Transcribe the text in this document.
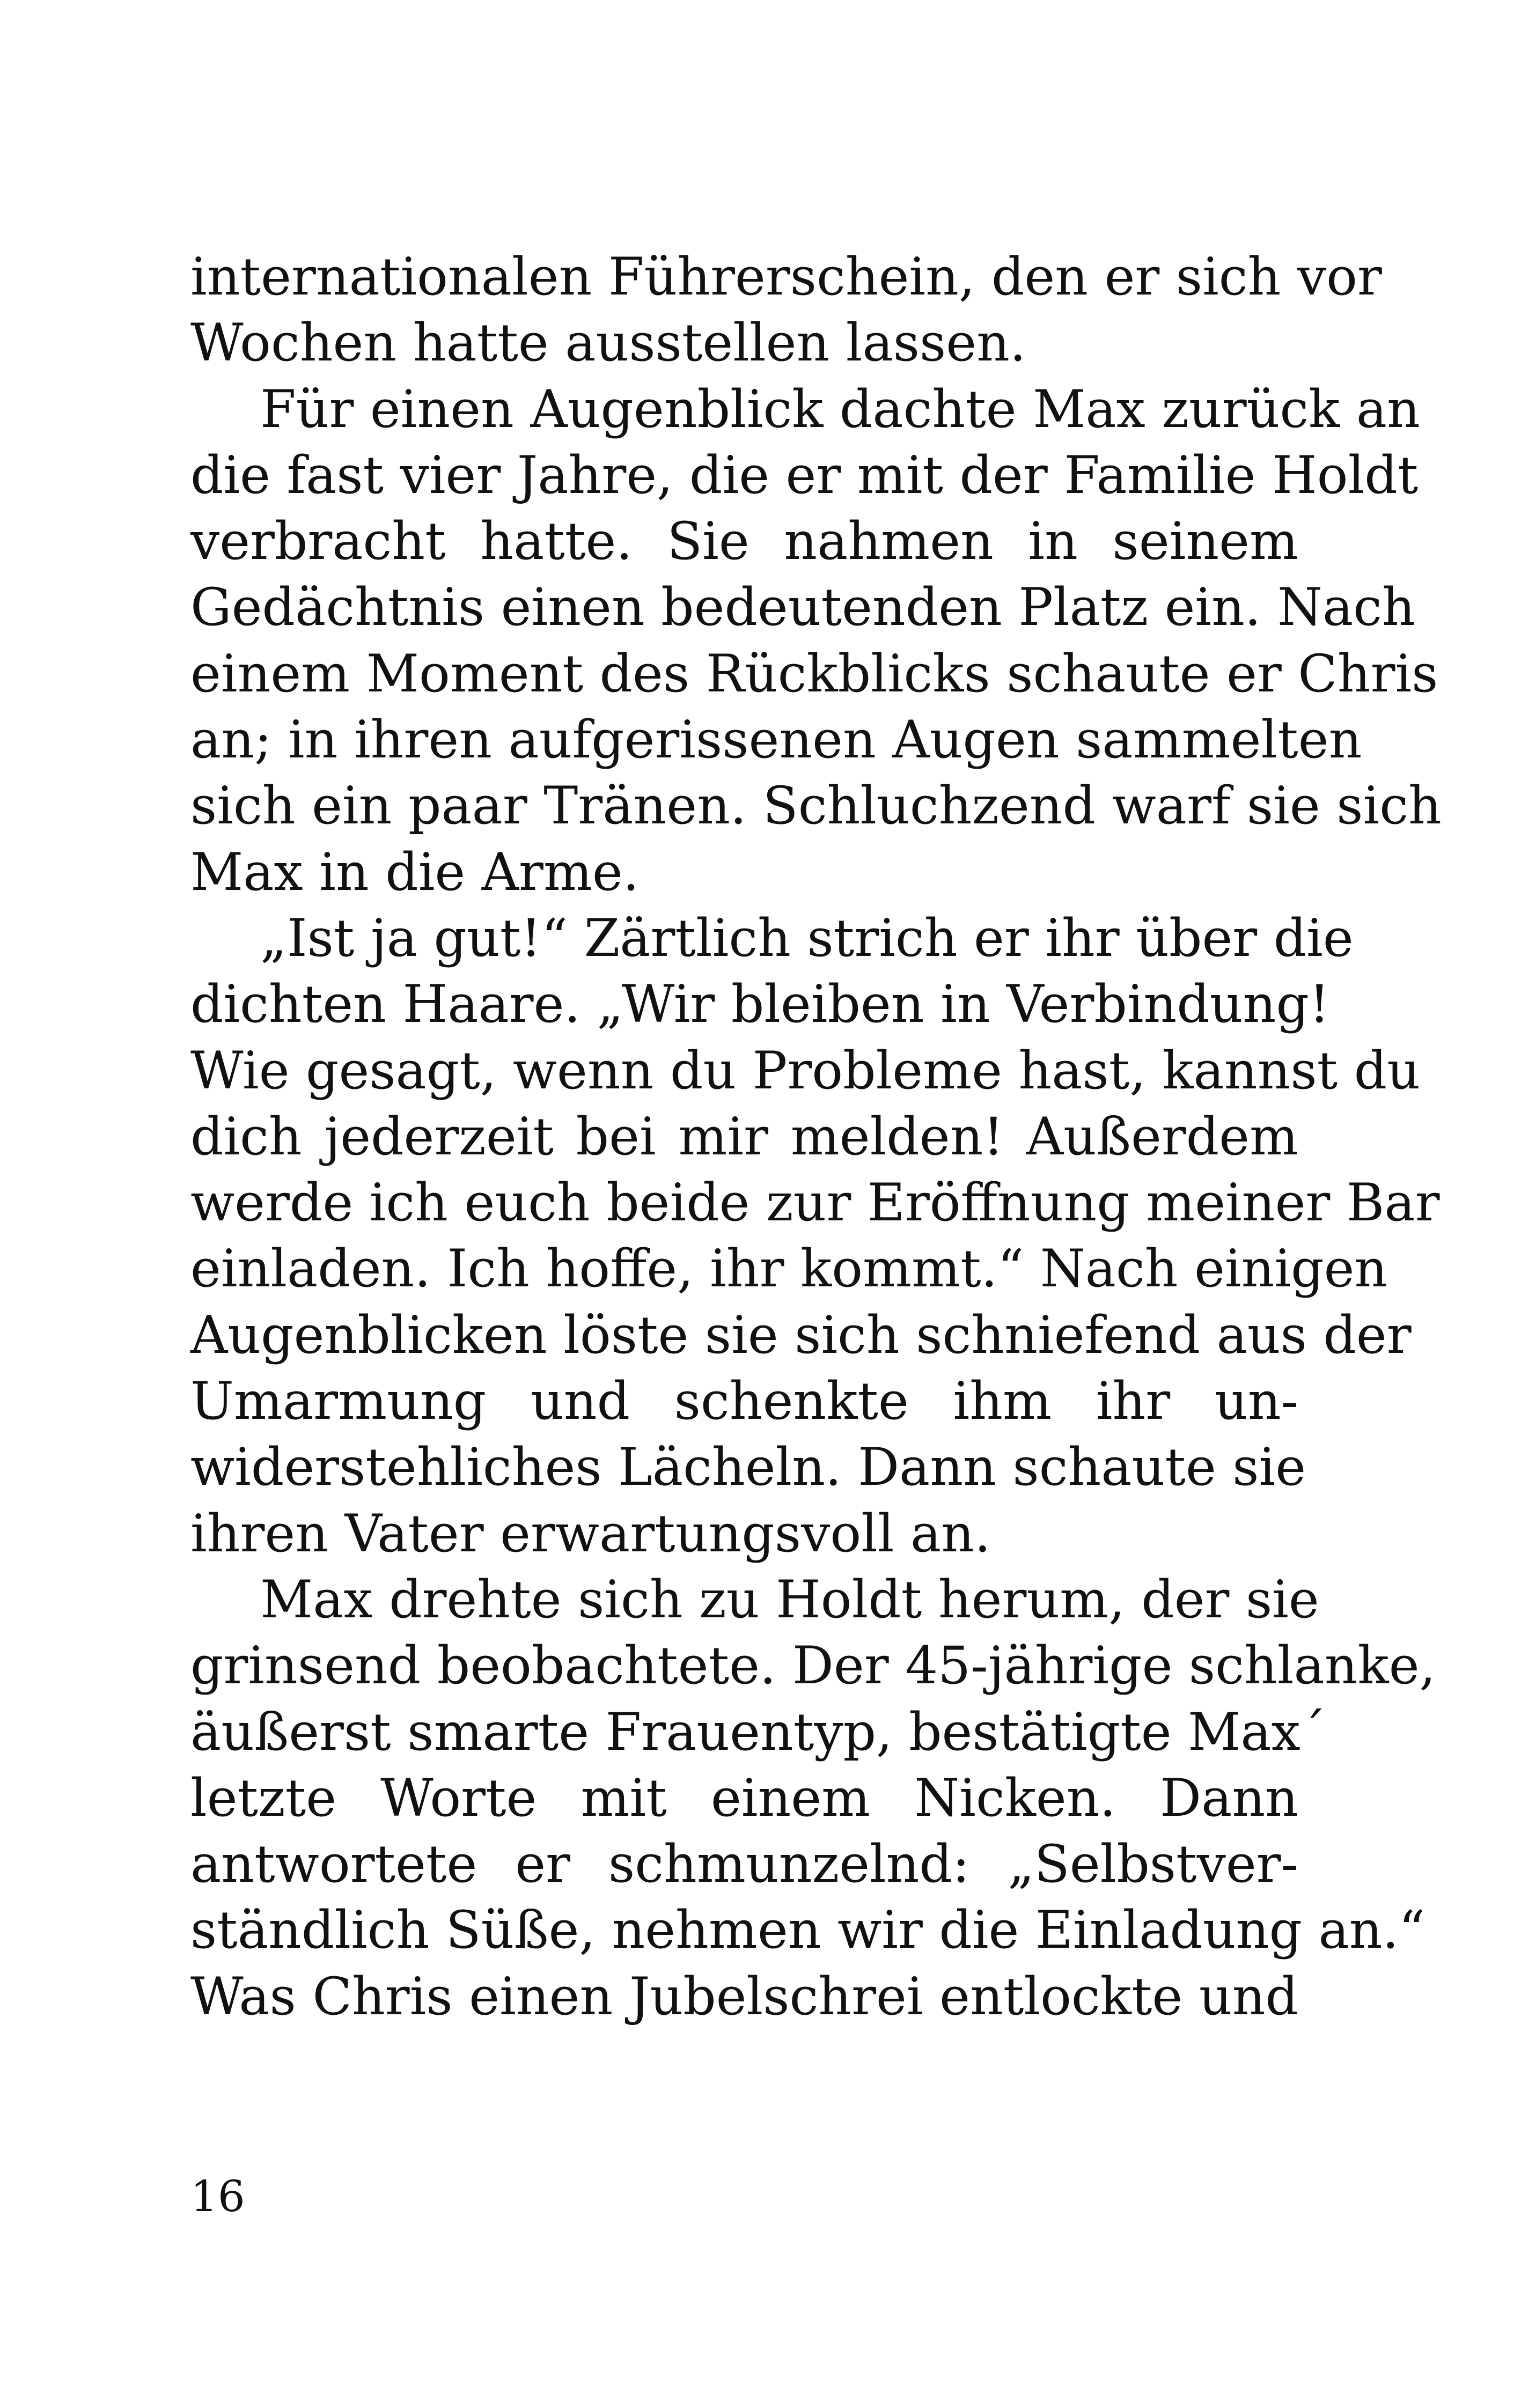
internationalen Führerschein, den er sich vor
Wochen hatte ausstellen lassen.
Für einen Augenblick dachte Max zurück an
die fast vier Jahre, die er mit der Familie Holdt
verbracht hatte. Sie nahmen in seinem
Gedächtnis einen bedeutenden Platz ein. Nach
einem Moment des Rückblicks schaute er Chris
an; in ihren aufgerissenen Augen sammelten
sich ein paar Tränen. Schluchzend warf sie sich
Max in die Arme.
„Ist ja gut!“ Zärtlich strich er ihr über die
dichten Haare. „Wir bleiben in Verbindung!
Wie gesagt, wenn du Probleme hast, kannst du
dich jederzeit bei mir melden! Außerdem
werde ich euch beide zur Eröffnung meiner Bar
einladen. Ich hoffe, ihr kommt.“ Nach einigen
Augenblicken löste sie sich schniefend aus der
Umarmung und schenkte ihm ihr un-
widerstehliches Lächeln. Dann schaute sie
ihren Vater erwartungsvoll an.
Max drehte sich zu Holdt herum, der sie
grinsend beobachtete. Der 45-jährige schlanke,
äußerst smarte Frauentyp, bestätigte Max´
letzte Worte mit einem Nicken. Dann
antwortete er schmunzelnd: „Selbstver-
ständlich Süße, nehmen wir die Einladung an.“
Was Chris einen Jubelschrei entlockte und
16
